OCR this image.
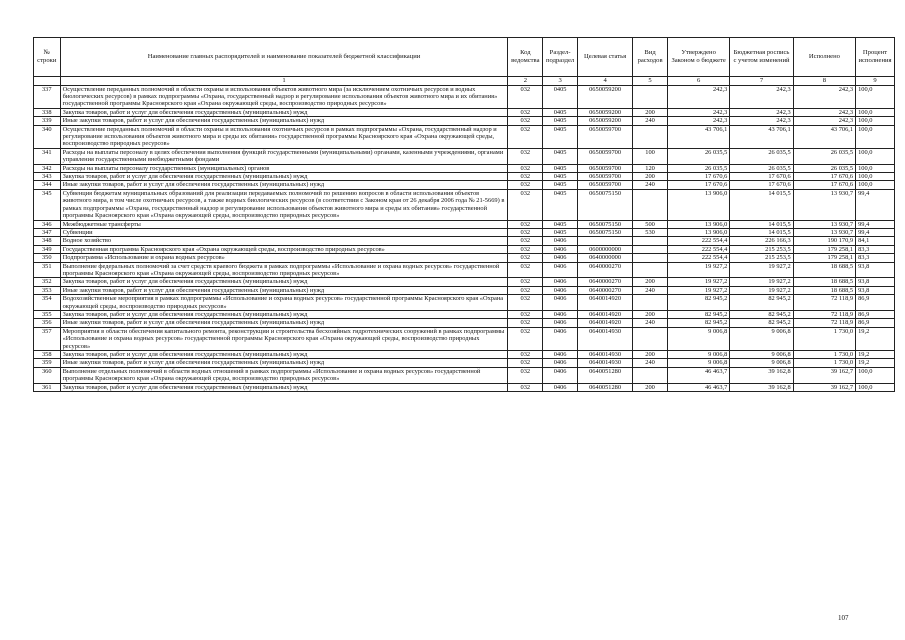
№ строки	Наименование главных распорядителей и наименование показателей бюджетной классификации	Код ведомства	Раздел-подраздел	Целевая статья	Вид расходов	Утверждено Законом о бюджете	Бюджетная роспись с учетом изменений	Исполнено	Процент исполнения
	1	2	3	4	5	6	7	8	9
337	Осуществление переданных полномочий в области охраны и использования объектов животного мира (за исключением охотничьих ресурсов и водных биологических ресурсов) в рамках подпрограммы «Охрана, государственный надзор и регулирование использования объектов животного мира и их обитания» государственной программы Красноярского края «Охрана окружающей среды, воспроизводство природных ресурсов»	032	0405	0650059200		242,3	242,3	242,3	100,0
338	Закупка товаров, работ и услуг для обеспечения государственных (муниципальных) нужд	032	0405	0650059200	200	242,3	242,3	242,3	100,0
339	Иные закупки товаров, работ и услуг для обеспечения государственных (муниципальных) нужд	032	0405	0650059200	240	242,3	242,3	242,3	100,0
340	Осуществление переданных полномочий в области охраны и использования охотничьих ресурсов в рамках подпрограммы «Охрана, государственный надзор и регулирование использования объектов животного мира и среды их обитания» государственной программы Красноярского края «Охрана окружающей среды, воспроизводство природных ресурсов»	032	0405	0650059700		43 706,1	43 706,1	43 706,1	100,0
341	Расходы на выплаты персоналу в целях обеспечения выполнения функций государственными (муниципальными) органами, казенными учреждениями, органами управления государственными внебюджетными фондами	032	0405	0650059700	100	26 035,5	26 035,5	26 035,5	100,0
342	Расходы на выплаты персоналу государственных (муниципальных) органов	032	0405	0650059700	120	26 035,5	26 035,5	26 035,5	100,0
343	Закупка товаров, работ и услуг для обеспечения государственных (муниципальных) нужд	032	0405	0650059700	200	17 670,6	17 670,6	17 670,6	100,0
344	Иные закупки товаров, работ и услуг для обеспечения государственных (муниципальных) нужд	032	0405	0650059700	240	17 670,6	17 670,6	17 670,6	100,0
345	Субвенция бюджетам муниципальных образований для реализации передаваемых полномочий по решению вопросов в области использования объектов животного мира, в том числе охотничьих ресурсов, а также водных биологических ресурсов (в соответствии с Законом края от 26 декабря 2006 года № 21-5669) в рамках подпрограммы «Охрана, государственный надзор и регулирование использования объектов животного мира и среды их обитания» государственной программы Красноярского края «Охрана окружающей среды, воспроизводство природных ресурсов»	032	0405	0650075150		13 906,0	14 015,5	13 930,7	99,4
346	Межбюджетные трансферты	032	0405	0650075150	500	13 906,0	14 015,5	13 930,7	99,4
347	Субвенции	032	0405	0650075150	530	13 906,0	14 015,5	13 930,7	99,4
348	Водное хозяйство	032	0406			222 554,4	226 166,3	190 170,9	84,1
349	Государственная программа Красноярского края «Охрана окружающей среды, воспроизводство природных ресурсов»	032	0406	0600000000		222 554,4	215 253,5	179 258,1	83,3
350	Подпрограмма «Использование и охрана водных ресурсов»	032	0406	0640000000		222 554,4	215 253,5	179 258,1	83,3
351	Выполнение федеральных полномочий за счет средств краевого бюджета в рамках подпрограммы «Использование и охрана водных ресурсов» государственной программы Красноярского края «Охрана окружающей среды, воспроизводство природных ресурсов»	032	0406	0640000270		19 927,2	19 927,2	18 688,5	93,8
352	Закупка товаров, работ и услуг для обеспечения государственных (муниципальных) нужд	032	0406	0640000270	200	19 927,2	19 927,2	18 688,5	93,8
353	Иные закупки товаров, работ и услуг для обеспечения государственных (муниципальных) нужд	032	0406	0640000270	240	19 927,2	19 927,2	18 688,5	93,8
354	Водохозяйственные мероприятия в рамках подпрограммы «Использование и охрана водных ресурсов» государственной программы Красноярского края «Охрана окружающей среды, воспроизводство природных ресурсов»	032	0406	0640014920		82 945,2	82 945,2	72 118,9	86,9
355	Закупка товаров, работ и услуг для обеспечения государственных (муниципальных) нужд	032	0406	0640014920	200	82 945,2	82 945,2	72 118,9	86,9
356	Иные закупки товаров, работ и услуг для обеспечения государственных (муниципальных) нужд	032	0406	0640014920	240	82 945,2	82 945,2	72 118,9	86,9
357	Мероприятия в области обеспечения капитального ремонта, реконструкции и строительства бесхозяйных гидротехнических сооружений в рамках подпрограммы «Использование и охрана водных ресурсов» государственной программы Красноярского края «Охрана окружающей среды, воспроизводство природных ресурсов»	032	0406	0640014930		9 006,8	9 006,8	1 730,0	19,2
358	Закупка товаров, работ и услуг для обеспечения государственных (муниципальных) нужд	032	0406	0640014930	200	9 006,8	9 006,8	1 730,0	19,2
359	Иные закупки товаров, работ и услуг для обеспечения государственных (муниципальных) нужд	032	0406	0640014930	240	9 006,8	9 006,8	1 730,0	19,2
360	Выполнение отдельных полномочий в области водных отношений в рамках подпрограммы «Использование и охрана водных ресурсов» государственной программы Красноярского края «Охрана окружающей среды, воспроизводство природных ресурсов»	032	0406	0640051280		46 463,7	39 162,8	39 162,7	100,0
361	Закупка товаров, работ и услуг для обеспечения государственных (муниципальных) нужд	032	0406	0640051280	200	46 463,7	39 162,8	39 162,7	100,0
107
